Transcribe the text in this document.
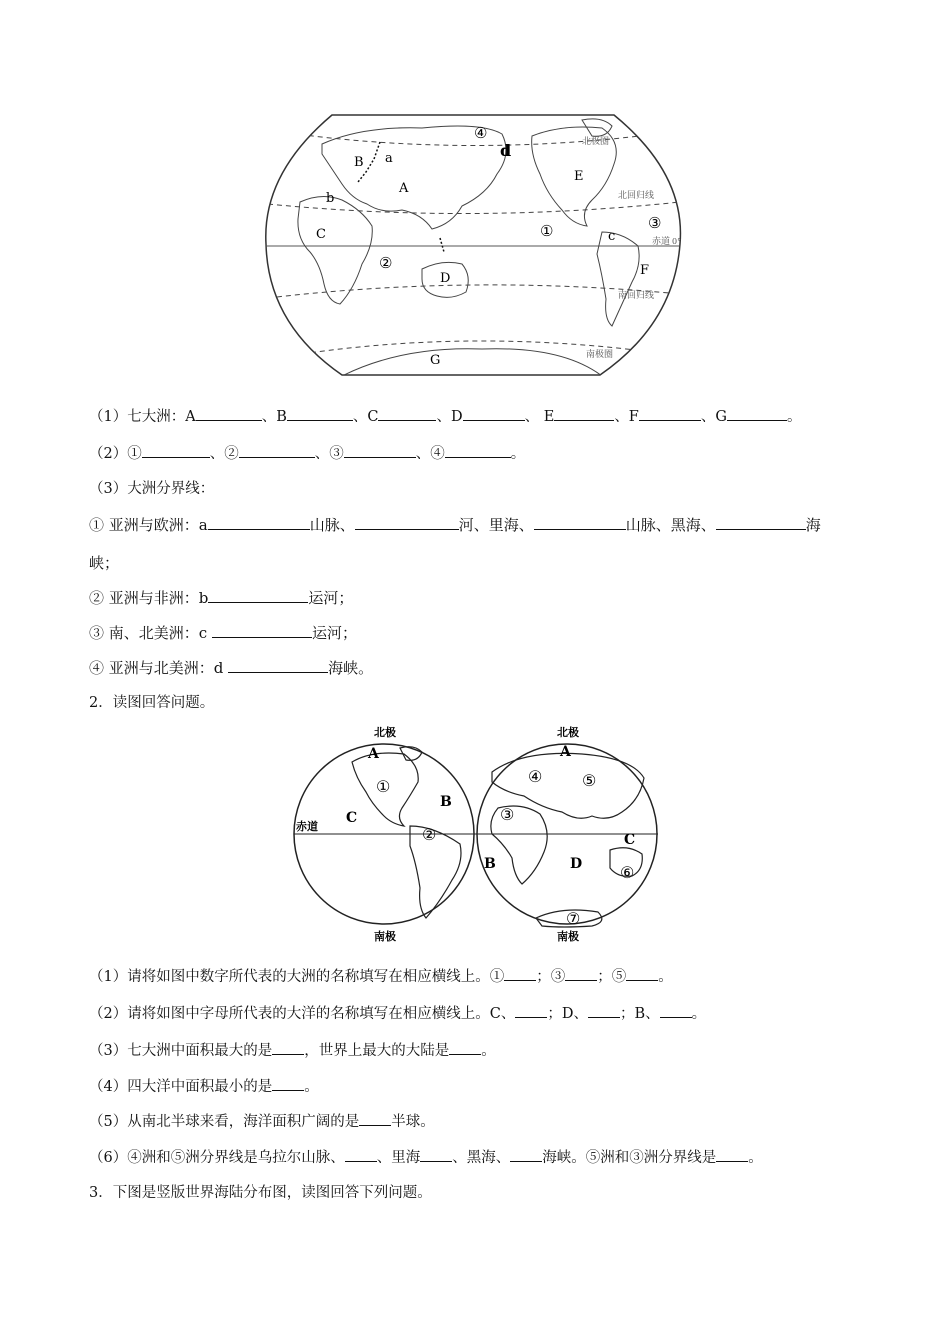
A
B
C
D
E
F
G
a
b
c
d
①
②
③
④	北极圈
北回归线
赤道 0°
南回归线
南极圈
（1）七大洲：A	、B	、C	、D	、 E	、F	、G	。
（2）①	、②	、③	、④	。
（3）大洲分界线：
① 亚洲与欧洲：a	山脉、	河、里海、	山脉、黑海、	海
峡；
② 亚洲与非洲：b	运河；
③ 南、北美洲：c	运河；
④ 亚洲与北美洲：d	海峡。
2．读图回答问题。
北极	北极
南极	南极
赤道
A
B
C
①
②
A
B
C
D
③
④ ⑤
⑥
⑦
（1）请将如图中数字所代表的大洲的名称填写在相应横线上。① ；③ ；⑤ 。
（2）请将如图中字母所代表的大洋的名称填写在相应横线上。C、 ；D、 ；B、 。
（3）七大洲中面积最大的是 ，世界上最大的大陆是 。
（4）四大洋中面积最小的是 。
（5）从南北半球来看，海洋面积广阔的是 半球。
（6）④洲和⑤洲分界线是乌拉尔山脉、 、里海 、黑海、 海峡。⑤洲和③洲分界线是 。
3．下图是竖版世界海陆分布图，读图回答下列问题。
